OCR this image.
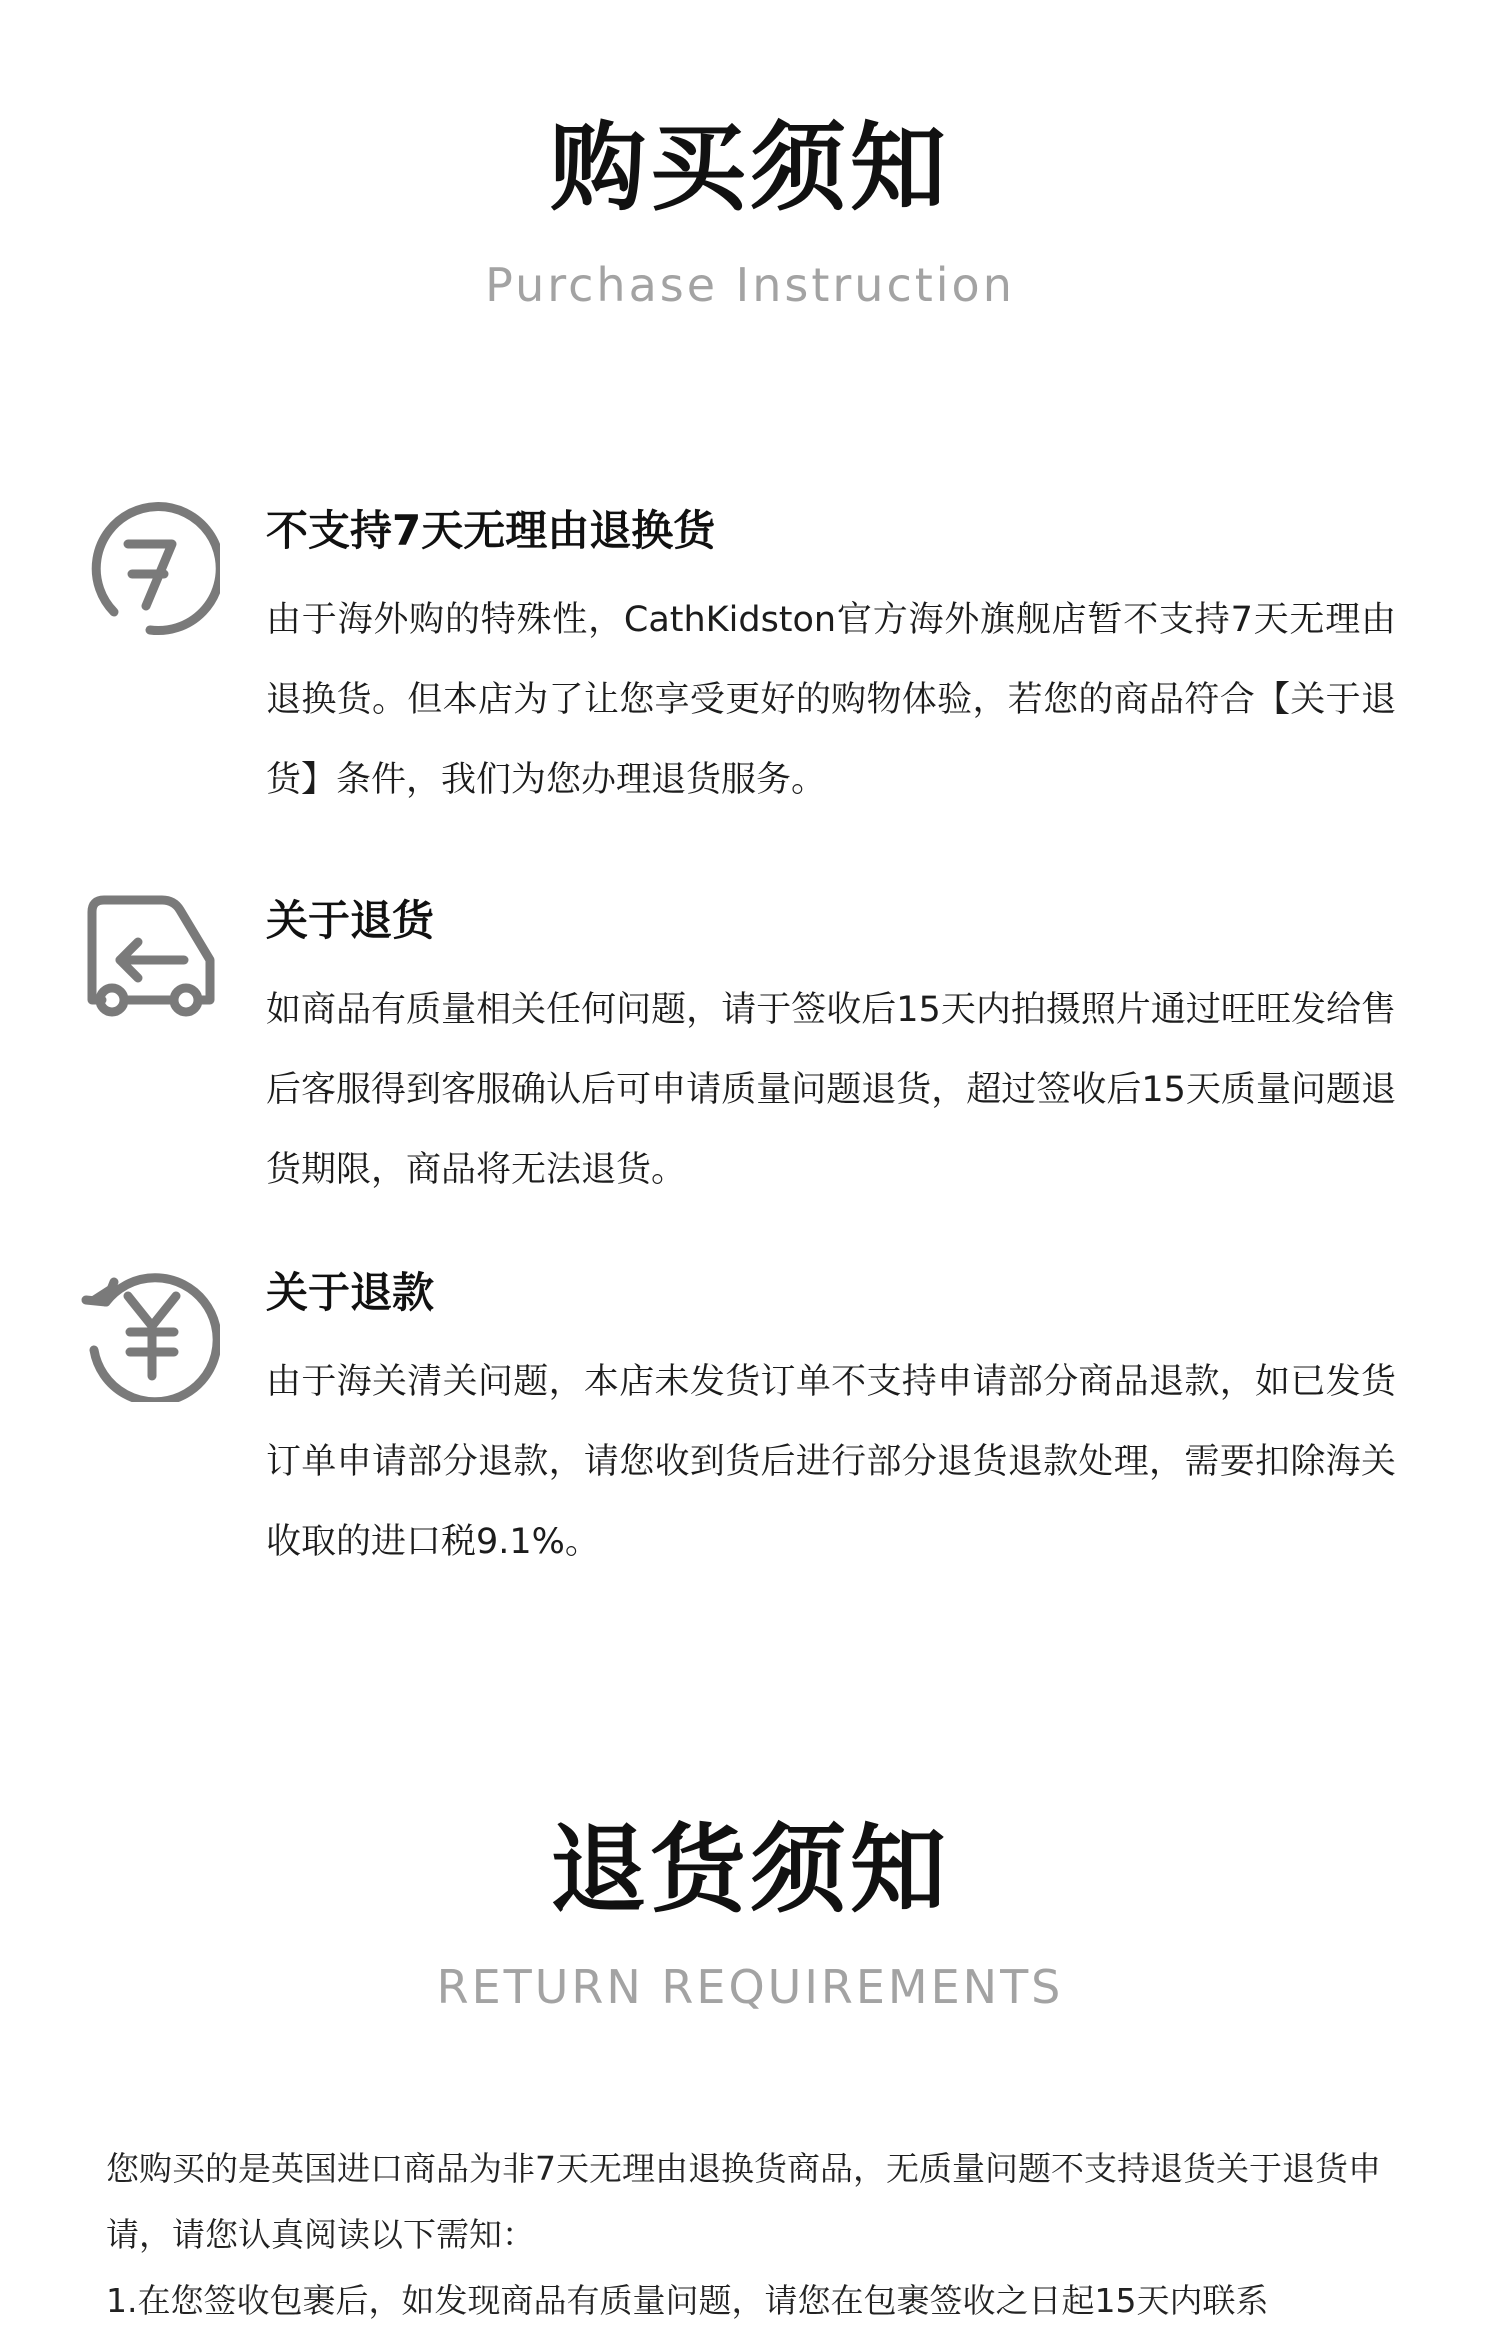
购买须知
Purchase Instruction

不支持7天无理由退换货

由于海外购的特殊性，CathKidston官方海外旗舰店暂不支持7天无理由退换货。但本店为了让您享受更好的购物体验，若您的商品符合【关于退货】条件，我们为您办理退货服务。

关于退货

如商品有质量相关任何问题，请于签收后15天内拍摄照片通过旺旺发给售后客服得到客服确认后可申请质量问题退货，超过签收后15天质量问题退货期限，商品将无法退货。

关于退款

由于海关清关问题，本店未发货订单不支持申请部分商品退款，如已发货订单申请部分退款，请您收到货后进行部分退货退款处理，需要扣除海关收取的进口税9.1%。

退货须知
RETURN REQUIREMENTS

您购买的是英国进口商品为非7天无理由退换货商品，无质量问题不支持退货关于退货申请，请您认真阅读以下需知：

1.在您签收包裹后，如发现商品有质量问题，请您在包裹签收之日起15天内联系
